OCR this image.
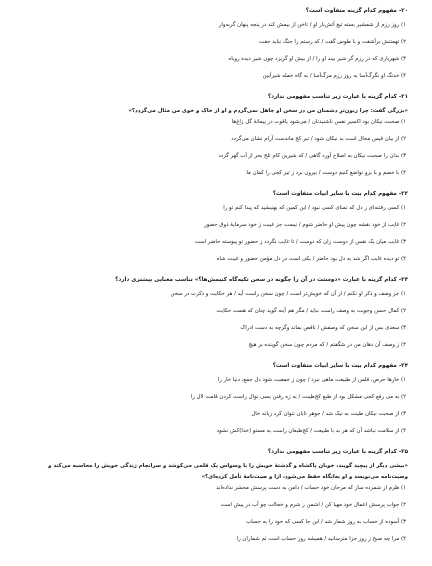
۲۰- مفهوم کدام گزینه متفاوت است؟
۱) روز رزم از شمشیر بسته تیغ آتش‌بار او / تاخن از بیمش کند در پنجه پنهان گربه‌وار
۲) تهمتنش برآشفت و با طوس گفت / که رستم را جنگ نباید جفت
۳) شهریاری که در رزم گر شیر بیند او را / از بیش او گریزد چون شیر دیده روباه
۴) خدنگ او نگرگ‌آسا به روز رزم مرگ‌آسا / به گاه حمله شیرآیین
۲۱- کدام گزینه با عبارت زیر تناسب مفهومی ندارد؟
«بزرگی گفت: چرا زبون‌ترِ دشمنان من در سخن او جاهل نمی‌گردم و او از خاک و خوی من مثال می‌گردد؟»
۱) صحبت نیکان بود اکسیر نفس ناشنیدنان / می‌شود یاقوت در پیمانهٔ گل زاغ‌ها
۲) از بیان قیس محال است بد نیکان شود / تیر کج ماندست آرام نشان می‌گردد
۳) بدان را صحبت نیکان به اصلاح آورد گاهی / که شیرین کام تلخ بحر از آب گهر گردد
۴) با خصم و با برو تواضع کنیم دوست / بیرون برد ز تیر کجی را کمان ما
۲۲- مفهوم کدام بیت با سایر ابیات متفاوت است؟
۱) کسی رفتنه‌ای ز دل که تمنای کسی نبود / این کمین که بهنیشید که پیدا کنم تو را
۲) غایب از خود نقشه چون پیش او حاضر شوم / نیست جز غیبت ز خود سرمایهٔ ذوق حضور
۳) غایب میان یک نفس از دوست زان که دوست / تا غایب نگردد ز حضور تو پیوسته حاضر است
۴) تو دیده غایب اگر شد به دل بود حاضر / یکی است در دل مؤمن حضور و غیبت شاه
۲۳- کدام گزینه با عبارت «دوستت در آن را چگونه در سخن تکیه‌گاه کنیمش‌ها؟» تناسب معنایی بیشتری دارد؟
۱) جز وصف و ذکر او نکنم / از آن که خویش‌تر است / چون سخن راست آید / هر حکایت و ذکرت در سخن
۲) کمال حسن وجوبت به وصف راست نباید / مگر هم آینه گوید چنان که هست حکایت
۳) سعدی بس از این سخن که وصفش / ناقص بماند وگرچه به دست ادراک
۴) ز وصف آن دهان من در شگفتم / که مردم چون سخن گوینده بر هیچ
۲۴- مفهوم کدام بیت با سایر ابیات متفاوت است؟
۱) خارها حرص، قلس از طبیعت ماهی نبرد / چون ز جمعیت شود دل جمع، دنیا خار را
۲) به می رفع کجی مشکل بود از طبع کج‌طینت / به زه رفتن بسی نوال راست کردن قامت لال را
۳) از صحبت نیکان طینت به نیک شد / جوهر تابان نتوان کرد زبانه خال
۴) از سلامت نباشد آن که هر بد با طبیعت / کج‌طبعان راست به مستو (خدا)کش نشود
۲۵- کدام گزینه با عبارت زیر تناسب مفهومی ندارد؟
«بیشی دیگر از پیچید گویند، خوبان پاکشاه و گذشتهٔ خویش را با وسواس یک قلمی می‌کوشد و سرانجام زندگی خویش را محاسبه می‌کند و وصیت‌نامه می‌نویسد و او به‌انگاه حفظ می‌شود، ازا و صیت‌نامهٔ تأمل کرده‌ای؟»
۱) ظرم از شمرده ساز که مرجان خود حساب / دامن به دست پرسش محشر نداده‌اند
۲) جواب پرسش اعمال خود مهیا کن / اشمن ز شرم و خجالت چو آب در پیش است
۳) آسوده از حساب به روز شمار شد / این جا کسی که خود را به حساب
۴) مرا چه صبح ز روز جزا مترسانید / همیشه روز حساب است ثم شماران را
